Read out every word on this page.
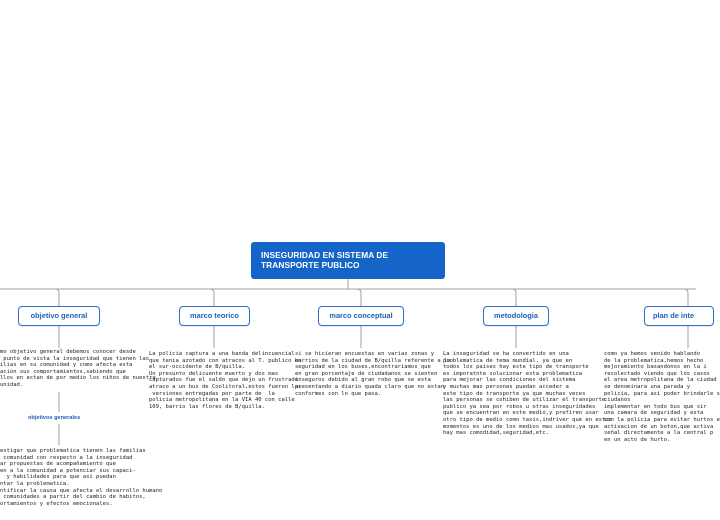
INSEGURIDAD EN SISTEMA DE
TRANSPORTE PUBLICO
objetivo general	marco teorico	marco conceptual	metodologia	plan de inte
mo objetivo general debemos conocer desde
punto de vista la inseguridad que tienen las
ilias en su comunidad y como afecta esta
acion sus comportamientos,sabiendo que
llos en estan de por medio los niños de nuestra
unidad.
objetivos generales
estigar que problematica tienen las familias
comunidad con respecto a la inseguridad
ar propuestas de acompañamiento que
en a la comunidad a potenciar sus capaci-
y habilidades para que asi puedan
ntar la problematica.
ntificar la causa que afecta el desarrollo humano
comunidades a partir del cambio de habitos,
ortamientos y efectos emocionales.
La policia captura a una banda delincuencial
que tenia azotado con atracos al T. publico en
el sur-occidente de B/quilla.
Un presunto delicuente muerto y dos mas
capturados fue el saldo que dejo un frustrado
atraco a un bus de Coolitoral,estos fueron las
versiones entregadas por parte de  la
policia metropolitana en la VIA 40 con calle
109, barrio las flores de B/quilla.
si se hicieran encuestas en varias zonas y
barrios de la ciudad de B/quilla referente a la
seguridad en los buses,encontrariamos que
en gran porcentaje de ciudadanos se sienten
inseguros debido al gran robo que se esta
presentando a diario quada claro que no estan
conformes con lo que pasa.
La inseguridad se ha convertido en una
problematica de tema mundial, ya que en
todos los paises hay este tipo de transporte
es imporatnte solucionar esta problematica
para mejorar las condiciones del sistema
y muchas mas personas puedan acceder a
este tipo de transporte ya que muchas veces
las personas se cohiben de utilizar el transporte
publico ya sea por robos u otras inseguridades
que se encuentran en este medio,y prefiren usar
otro tipo de medio como taxis,indriver que en estos
momentos es uno de los medios mas usados,ya que
hay mas comodidad,seguridad,etc.
como ya hemos venido hablando
de la problematica,hemos hecho
mejoramiento basandonos en la i
recolectado viendo que los casos
el area metropolitana de la ciudad
se denominara una parada y
policia, para asi poder brindarle s
ciudanos
implementar en todo bus que sir
una camara de seguridad y esta
con la policia para evitar hurtos e
activacion de un boton,que activa
señal directamente a la central p
en un acto de hurto.
